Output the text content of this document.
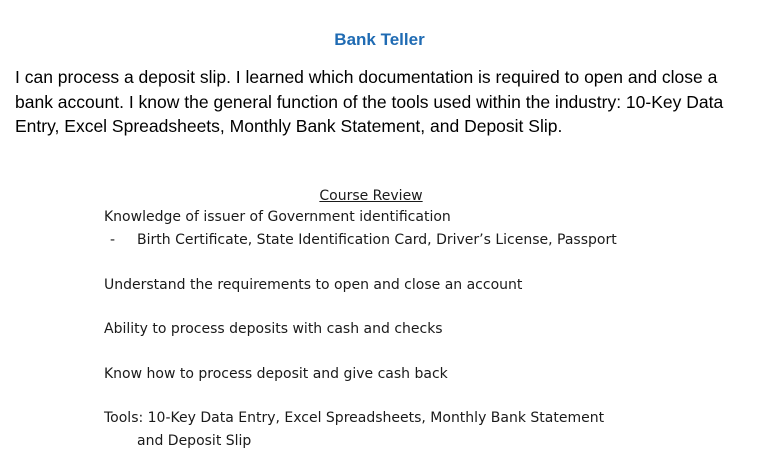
Bank Teller
I can process a deposit slip. I learned which documentation is required to open and close a bank account. I know the general function of the tools used within the industry: 10-Key Data Entry, Excel Spreadsheets, Monthly Bank Statement, and Deposit Slip.
Course Review
Knowledge of issuer of Government identification
- Birth Certificate, State Identification Card, Driver’s License, Passport
Understand the requirements to open and close an account
Ability to process deposits with cash and checks
Know how to process deposit and give cash back
Tools: 10-Key Data Entry, Excel Spreadsheets, Monthly Bank Statement
and Deposit Slip
